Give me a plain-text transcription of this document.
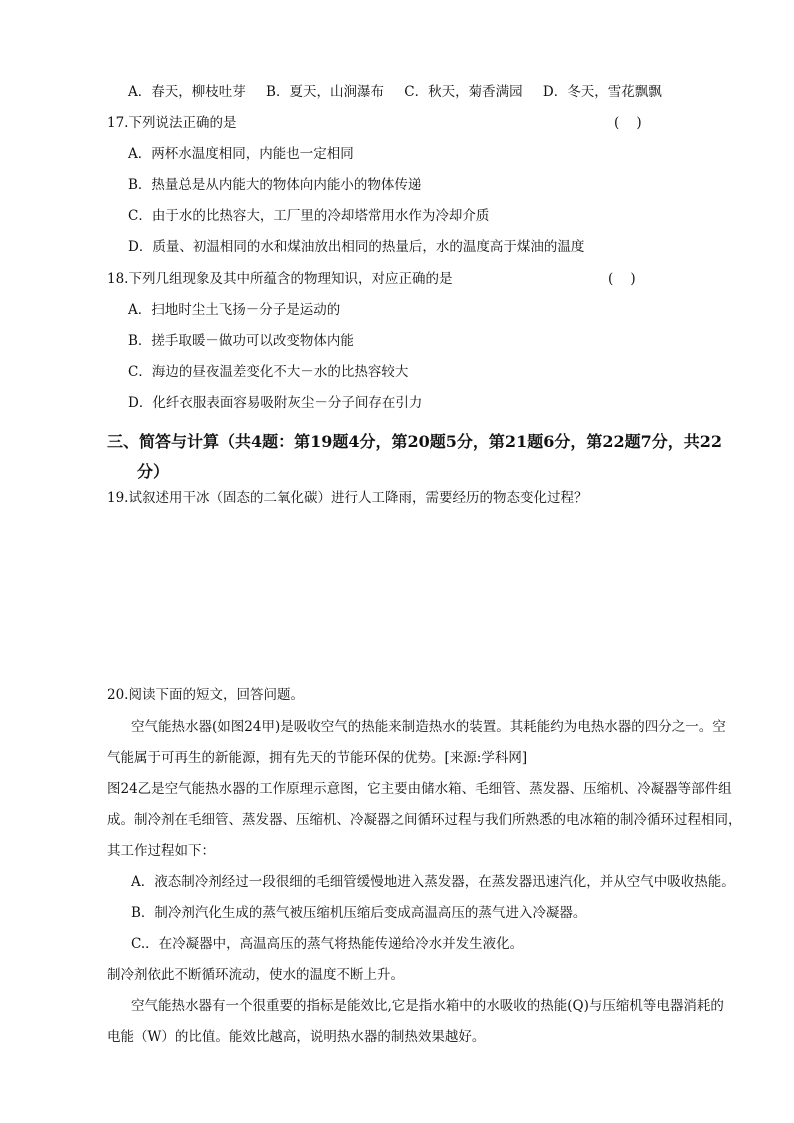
A．春天，柳枝吐芽 B．夏天，山涧瀑布 C．秋天，菊香满园 D．冬天，雪花飘飘
17.下列说法正确的是	(    )
A．两杯水温度相同，内能也一定相同
B．热量总是从内能大的物体向内能小的物体传递
C．由于水的比热容大，工厂里的冷却塔常用水作为冷却介质
D．质量、初温相同的水和煤油放出相同的热量后，水的温度高于煤油的温度
18.下列几组现象及其中所蕴含的物理知识，对应正确的是	(    )
A．扫地时尘土飞扬－分子是运动的
B．搓手取暖－做功可以改变物体内能
C．海边的昼夜温差变化不大－水的比热容较大
D．化纤衣服表面容易吸附灰尘－分子间存在引力
三、简答与计算（共4题：第19题4分，第20题5分，第21题6分，第22题7分，共22
分）
19.试叙述用干冰（固态的二氧化碳）进行人工降雨，需要经历的物态变化过程？
20.阅读下面的短文，回答问题。
空气能热水器(如图24甲)是吸收空气的热能来制造热水的装置。其耗能约为电热水器的四分之一。空
气能属于可再生的新能源，拥有先天的节能环保的优势。[来源:学科网]
图24乙是空气能热水器的工作原理示意图，它主要由储水箱、毛细管、蒸发器、压缩机、冷凝器等部件组
成。制冷剂在毛细管、蒸发器、压缩机、冷凝器之间循环过程与我们所熟悉的电冰箱的制冷循环过程相同，
其工作过程如下：
A．液态制冷剂经过一段很细的毛细管缓慢地进入蒸发器，在蒸发器迅速汽化，并从空气中吸收热能。
B．制冷剂汽化生成的蒸气被压缩机压缩后变成高温高压的蒸气进入冷凝器。
C.．在冷凝器中，高温高压的蒸气将热能传递给冷水并发生液化。
制冷剂依此不断循环流动，使水的温度不断上升。
空气能热水器有一个很重要的指标是能效比,它是指水箱中的水吸收的热能(Q)与压缩机等电器消耗的
电能（W）的比值。能效比越高，说明热水器的制热效果越好。
